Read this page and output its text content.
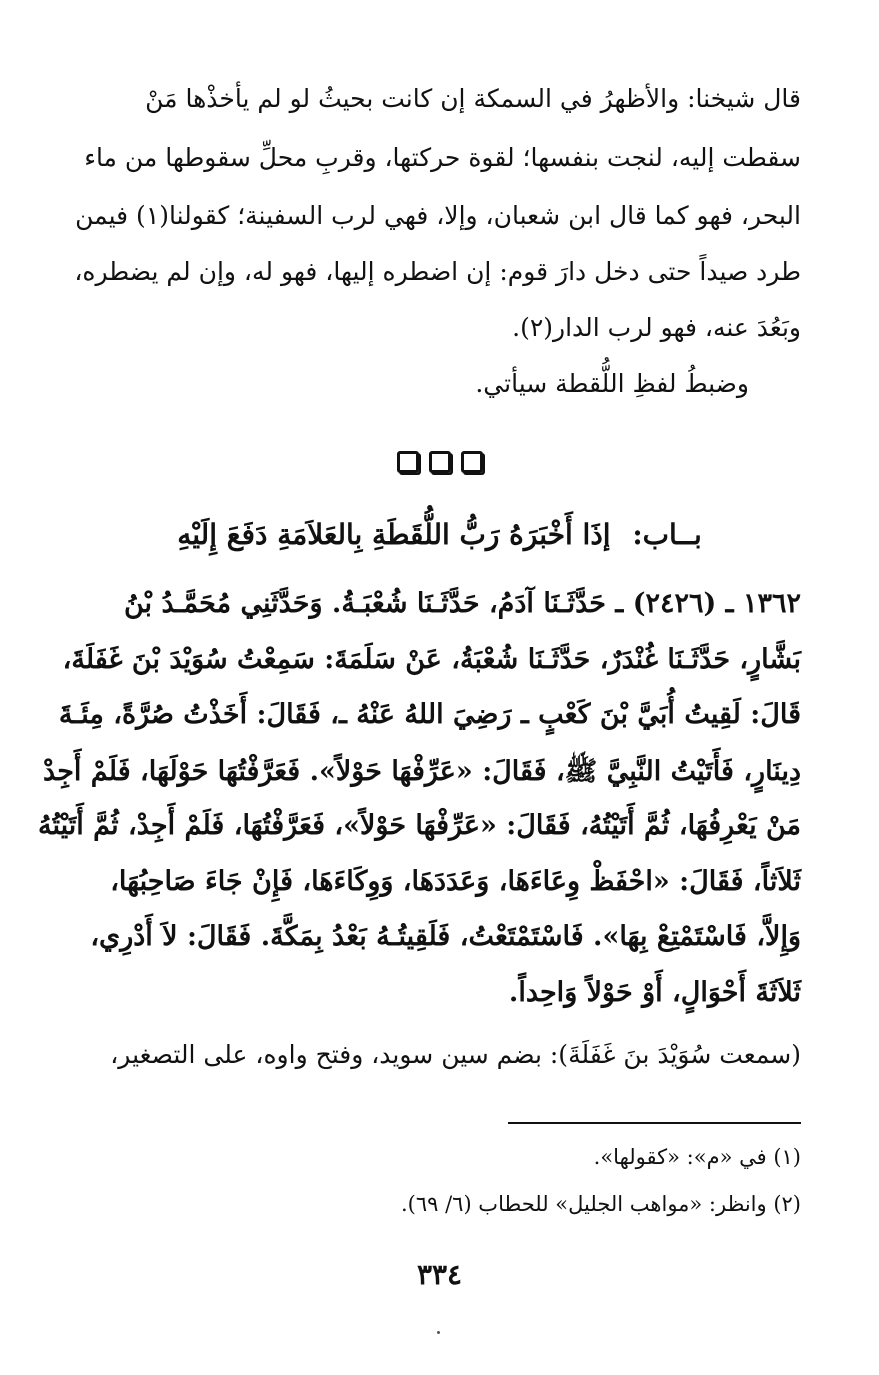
قال شيخنا: والأظهرُ في السمكة إن كانت بحيثُ لو لم يأخذْها مَنْ
سقطت إليه، لنجت بنفسها؛ لقوة حركتها، وقربِ محلِّ سقوطها من ماء
البحر، فهو كما قال ابن شعبان، وإلا، فهي لرب السفينة؛ كقولنا(١) فيمن
طرد صيداً حتى دخل دارَ قوم: إن اضطره إليها، فهو له، وإن لم يضطره،
وبَعُدَ عنه، فهو لرب الدار(٢).
وضبطُ لفظِ اللُّقطة سيأتي.
بــاب: إذَا أَخْبَرَهُ رَبُّ اللُّقَطَةِ بِالعَلاَمَةِ دَفَعَ إِلَيْهِ
١٣٦٢ ـ (٢٤٢٦) ـ حَدَّثَـنَا آدَمُ، حَدَّثَـنَا شُعْبَـةُ. وَحَدَّثَنِي مُحَمَّـدُ بْنُ
بَشَّارٍ، حَدَّثَـنَا غُنْدَرٌ، حَدَّثَـنَا شُعْبَةُ، عَنْ سَلَمَةَ: سَمِعْتُ سُوَيْدَ بْنَ غَفَلَةَ،
قَالَ: لَقِيتُ أُبَيَّ بْنَ كَعْبٍ ـ رَضِيَ اللهُ عَنْهُ ـ، فَقَالَ: أَخَذْتُ صُرَّةً، مِئَـةَ
دِينَارٍ، فَأَتَيْتُ النَّبِيَّ ﷺ، فَقَالَ: «عَرِّفْهَا حَوْلاً». فَعَرَّفْتُهَا حَوْلَهَا، فَلَمْ أَجِدْ
مَنْ يَعْرِفُهَا، ثُمَّ أَتَيْتُهُ، فَقَالَ: «عَرِّفْهَا حَوْلاً»، فَعَرَّفْتُهَا، فَلَمْ أَجِدْ، ثُمَّ أَتَيْتُهُ
ثَلاَثاً، فَقَالَ: «احْفَظْ وِعَاءَهَا، وَعَدَدَهَا، وَوِكَاءَهَا، فَإِنْ جَاءَ صَاحِبُهَا،
وَإِلاَّ، فَاسْتَمْتِعْ بِهَا». فَاسْتَمْتَعْتُ، فَلَقِيتُـهُ بَعْدُ بِمَكَّةَ. فَقَالَ: لاَ أَدْرِي،
ثَلاَثَةَ أَحْوَالٍ، أَوْ حَوْلاً وَاحِداً.
(سمعت سُوَيْدَ بنَ غَفَلَةَ): بضم سين سويد، وفتح واوه، على التصغير،
(١) في «م»: «كقولها».
(٢) وانظر: «مواهب الجليل» للحطاب (٦/ ٦٩).
٣٣٤
